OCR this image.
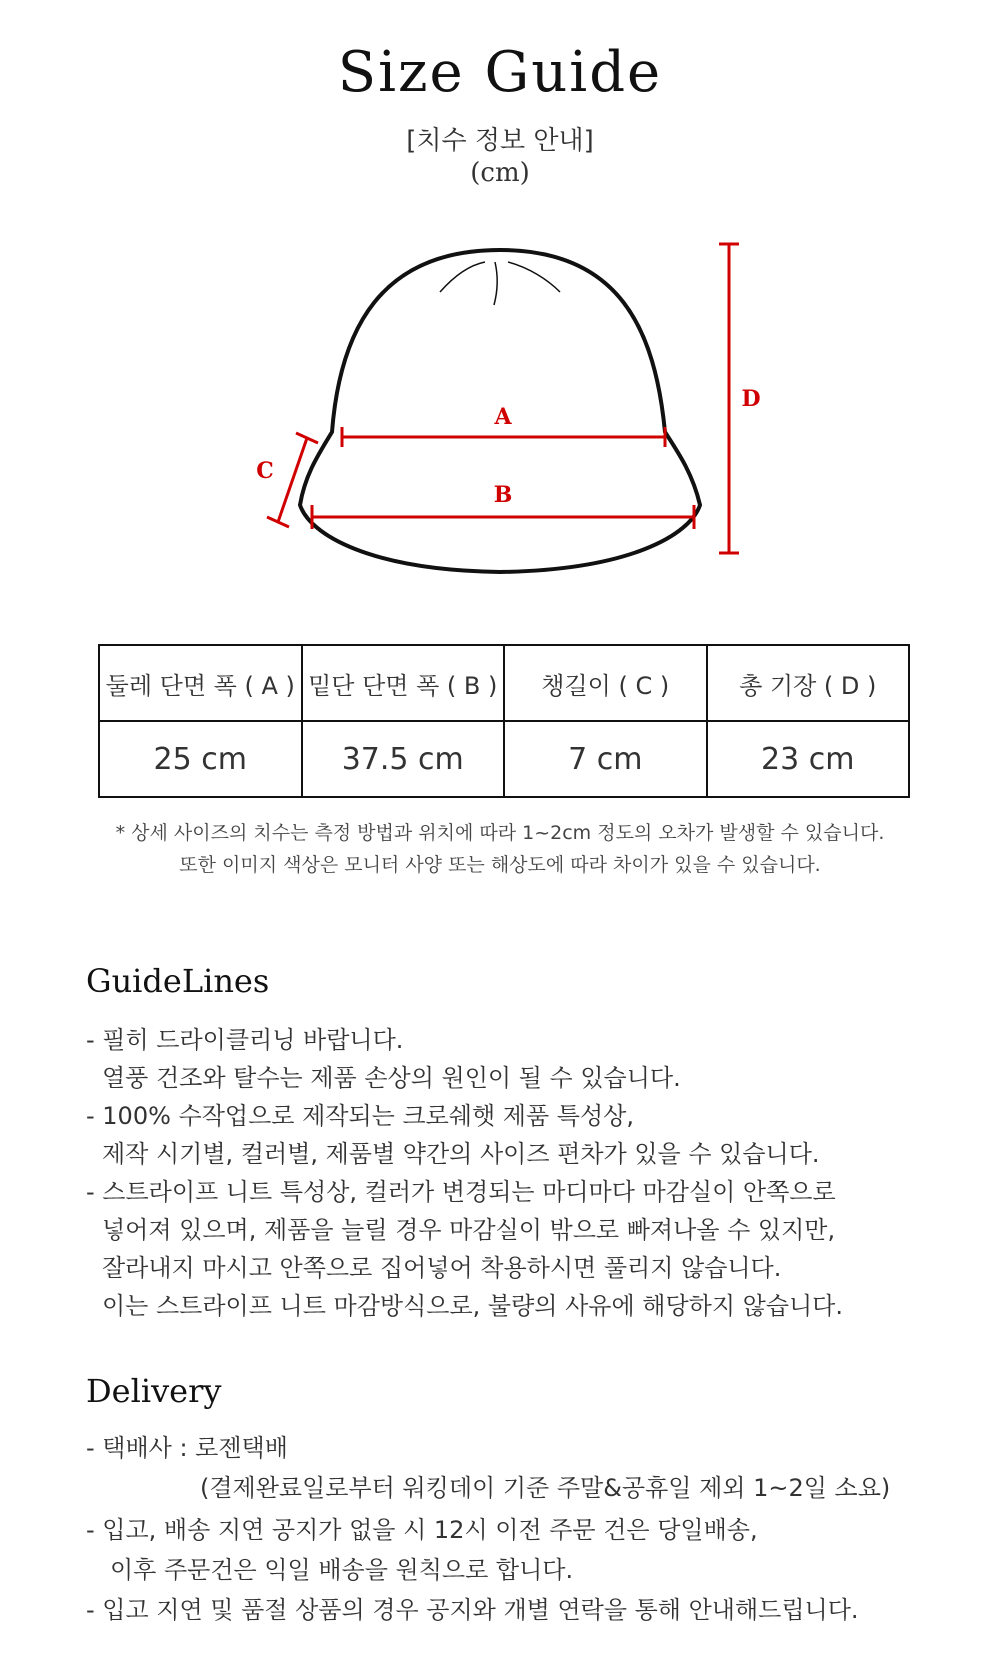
Size Guide
[치수 정보 안내]
(cm)
A
B
C
D
둘레 단면 폭 ( A )	밑단 단면 폭 ( B )	챙길이 ( C )	총 기장 ( D )
25 cm	37.5 cm	7 cm	23 cm
* 상세 사이즈의 치수는 측정 방법과 위치에 따라 1~2cm 정도의 오차가 발생할 수 있습니다.
또한 이미지 색상은 모니터 사양 또는 해상도에 따라 차이가 있을 수 있습니다.
GuideLines
- 필히 드라이클리닝 바랍니다.
열풍 건조와 탈수는 제품 손상의 원인이 될 수 있습니다.
- 100% 수작업으로 제작되는 크로쉐햇 제품 특성상,
제작 시기별, 컬러별, 제품별 약간의 사이즈 편차가 있을 수 있습니다.
- 스트라이프 니트 특성상, 컬러가 변경되는 마디마다 마감실이 안쪽으로
넣어져 있으며, 제품을 늘릴 경우 마감실이 밖으로 빠져나올 수 있지만,
잘라내지 마시고 안쪽으로 집어넣어 착용하시면 풀리지 않습니다.
이는 스트라이프 니트 마감방식으로, 불량의 사유에 해당하지 않습니다.
Delivery
- 택배사 : 로젠택배
(결제완료일로부터 워킹데이 기준 주말&공휴일 제외 1~2일 소요)
- 입고, 배송 지연 공지가 없을 시 12시 이전 주문 건은 당일배송,
이후 주문건은 익일 배송을 원칙으로 합니다.
- 입고 지연 및 품절 상품의 경우 공지와 개별 연락을 통해 안내해드립니다.
